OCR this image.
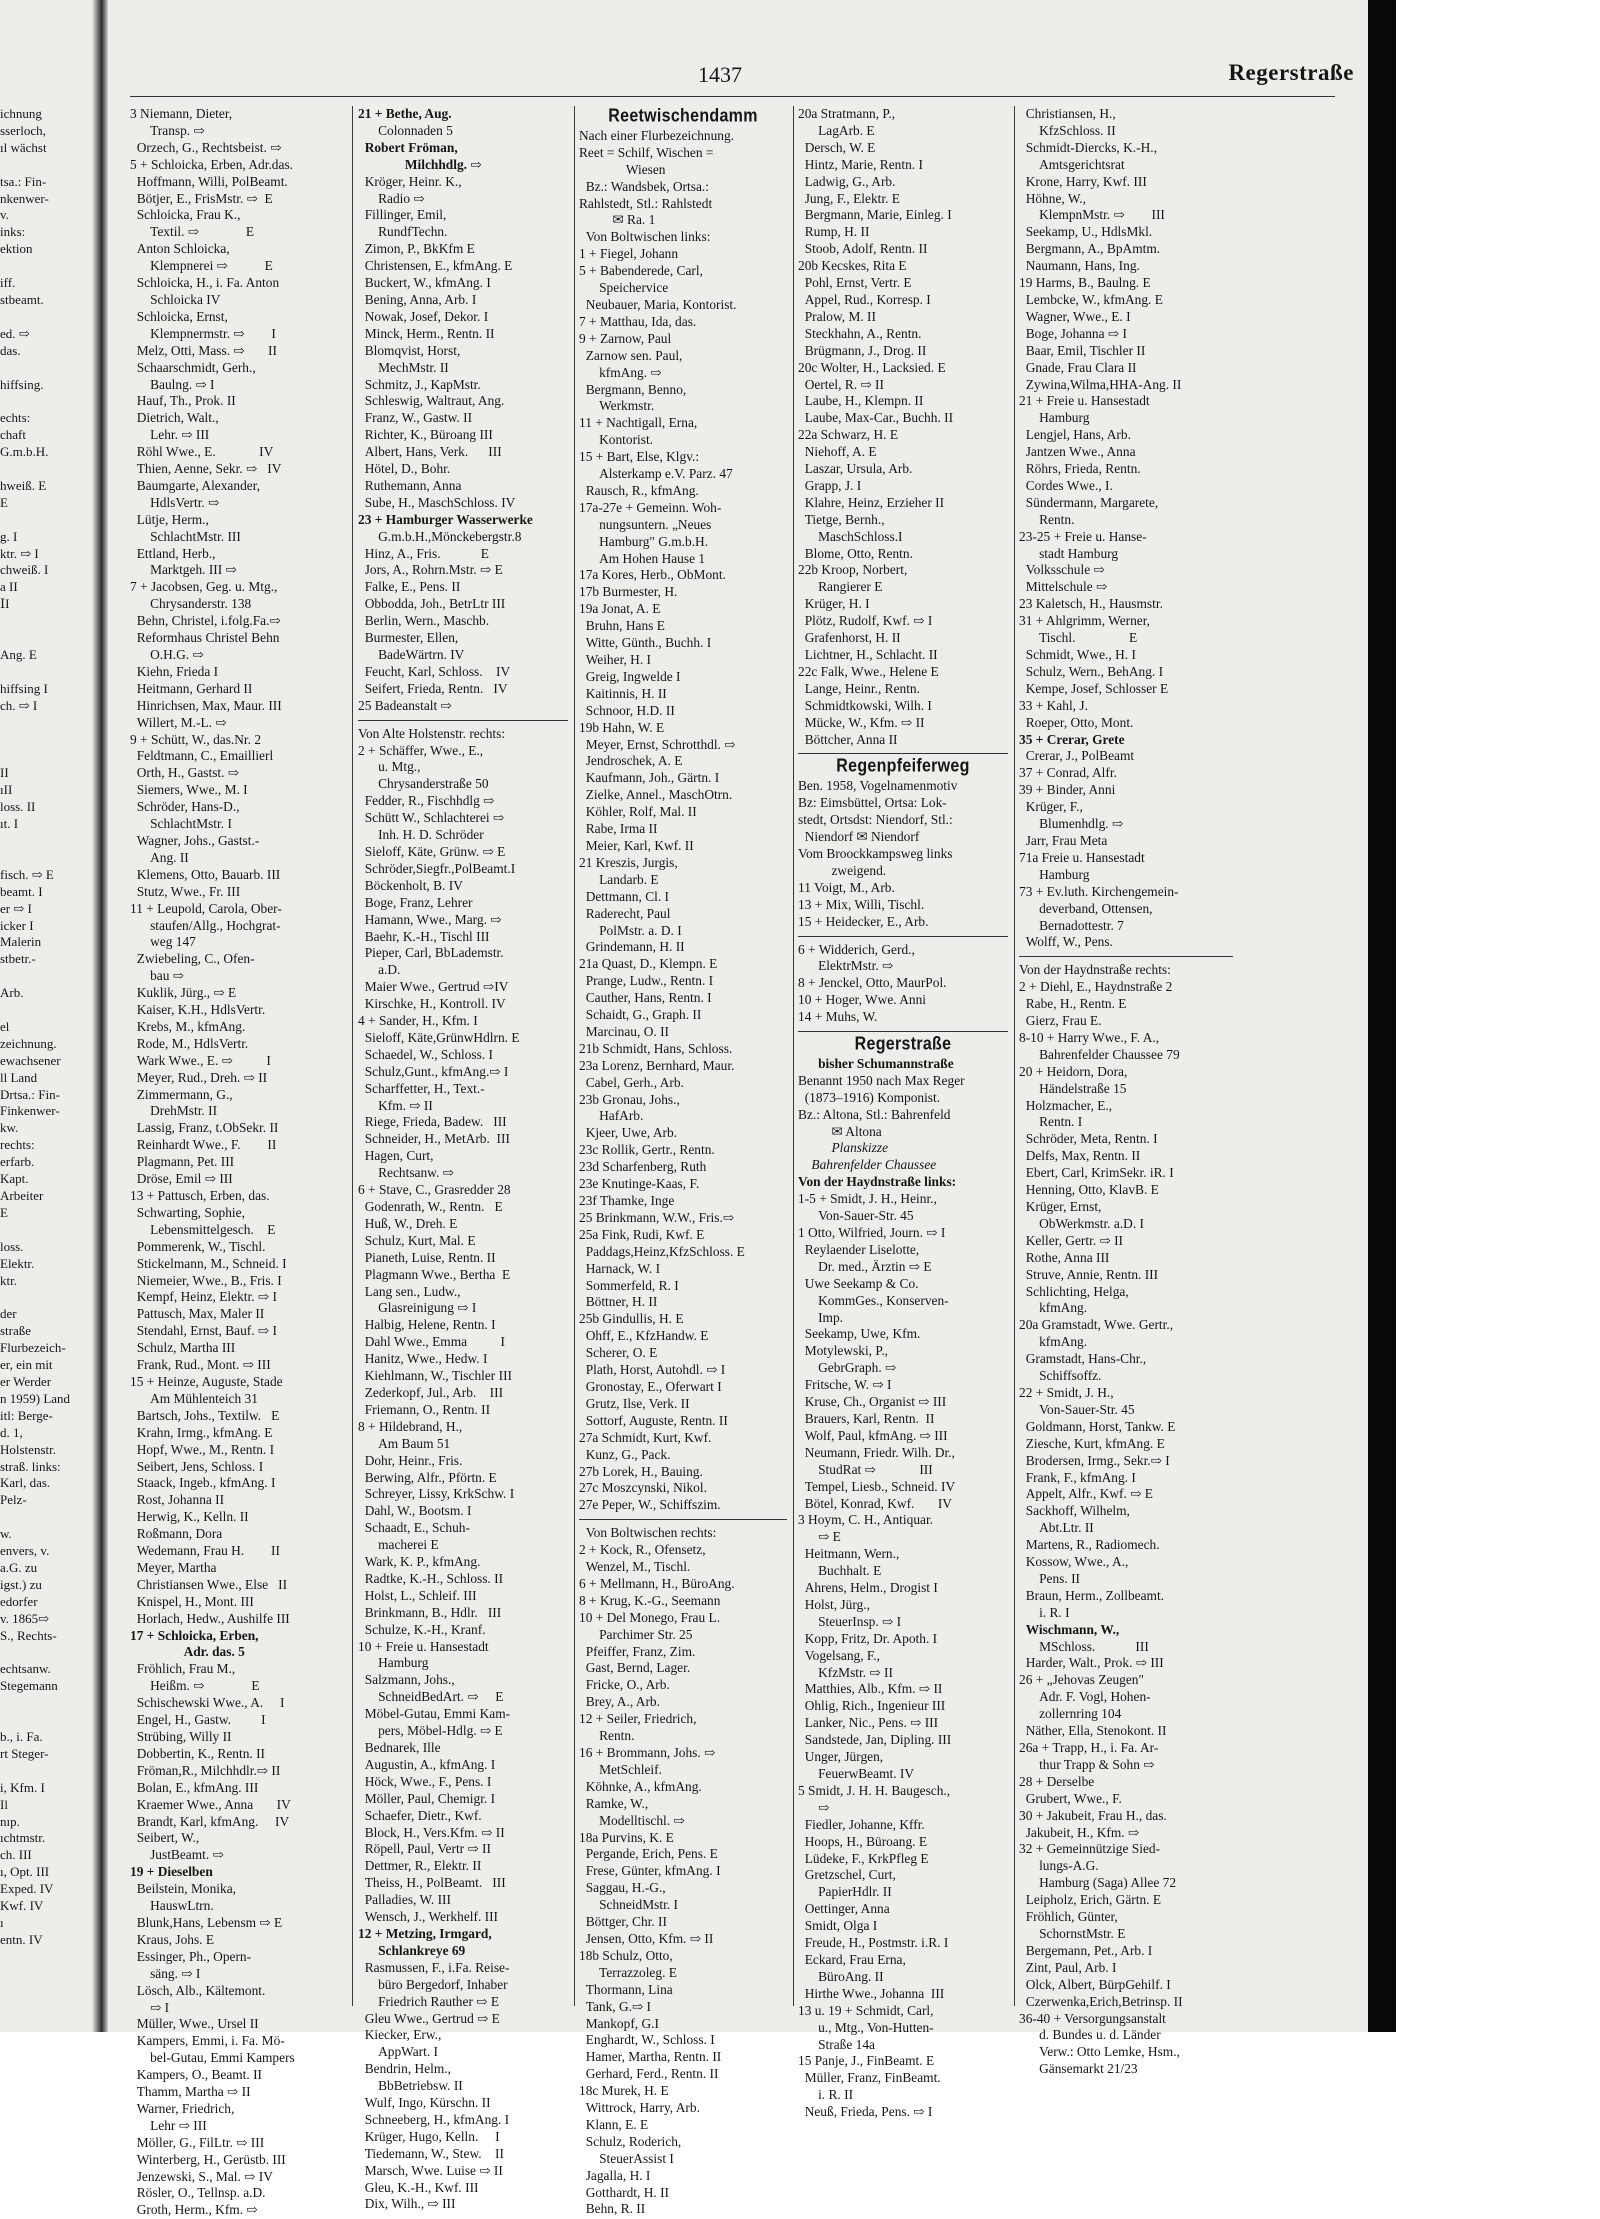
ichnung
sserloch,
ıl wächst

tsa.: Fin-
nkenwer-
v.
inks:
ektion

iff.
stbeamt.

ed. ⇨
das.

hiffsing.

echts:
chaft
G.m.b.H.

hweiß. E
E

g. I
ktr. ⇨ I
chweiß. I
a II
ⅠI

Ang. E

hiffsing I
ch. ⇨ I

II
ıII
loss. II
ıt. I

fisch. ⇨ E
beamt. I
er ⇨ I
icker I
Malerin
stbetr.-

Arb.

el
zeichnung.
ewachsener
ll Land
Drtsa.: Fin-
Finkenwer-
kw.
rechts:
erfarb.
Kapt.
Arbeiter
E

loss.
Elektr.
ktr.

der
straße
Flurbezeich-
er, ein mit
er Werder
n 1959) Land
itl: Berge-
d. 1,
Holstenstr.
straß. links:
Karl, das.
Pelz-

w.
envers, v.
a.G. zu
igst.) zu
edorfer
v. 1865⇨
S., Rechts-

echtsanw.
Stegemann

b., i. Fa.
rt Steger-

i, Kfm. I
Il
nıp.
ıchtmstr.
ch. III
ı, Opt. III
Exped. IV
Kwf. IV
ı
entn. IV
1437	Regerstraße
3 Niemann, Dieter,
Transp. ⇨
Orzech, G., Rechtsbeist. ⇨
5 + Schloicka, Erben, Adr.das.
Hoffmann, Willi, PolBeamt.
Bötjer, E., FrisMstr. ⇨  E
Schloicka, Frau K.,
Textil. ⇨              E
Anton Schloicka,
Klempnerei ⇨           E
Schloicka, H., i. Fa. Anton
Schloicka IV
Schloicka, Ernst,
Klempnermstr. ⇨        I
Melz, Otti, Mass. ⇨       II
Schaarschmidt, Gerh.,
Baulng. ⇨ I
Hauf, Th., Prok. II
Dietrich, Walt.,
Lehr. ⇨ III
Röhl Wwe., E.             IV
Thien, Aenne, Sekr. ⇨   IV
Baumgarte, Alexander,
HdlsVertr. ⇨
Lütje, Herm.,
SchlachtMstr. III
Ettland, Herb.,
Marktgeh. III ⇨
7 + Jacobsen, Geg. u. Mtg.,
Chrysanderstr. 138
Behn, Christel, i.folg.Fa.⇨
Reformhaus Christel Behn
O.H.G. ⇨
Kiehn, Frieda I
Heitmann, Gerhard II
Hinrichsen, Max, Maur. III
Willert, M.-L. ⇨
9 + Schütt, W., das.Nr. 2
Feldtmann, C., Emaillierl
Orth, H., Gastst. ⇨
Siemers, Wwe., M. I
Schröder, Hans-D.,
SchlachtMstr. I
Wagner, Johs., Gastst.-
Ang. II
Klemens, Otto, Bauarb. III
Stutz, Wwe., Fr. III
11 + Leupold, Carola, Ober-
staufen/Allg., Hochgrat-
weg 147
Zwiebeling, C., Ofen-
bau ⇨
Kuklik, Jürg., ⇨ E
Kaiser, K.H., HdlsVertr.
Krebs, M., kfmAng.
Rode, M., HdlsVertr.
Wark Wwe., E. ⇨          I
Meyer, Rud., Dreh. ⇨ II
Zimmermann, G.,
DrehMstr. II
Lassig, Franz, t.ObSekr. II
Reinhardt Wwe., F.        II
Plagmann, Pet. III
Dröse, Emil ⇨ III
13 + Pattusch, Erben, das.
Schwarting, Sophie,
Lebensmittelgesch.    E
Pommerenk, W., Tischl.
Stickelmann, M., Schneid. I
Niemeier, Wwe., B., Fris. I
Kempf, Heinz, Elektr. ⇨ I
Pattusch, Max, Maler II
Stendahl, Ernst, Bauf. ⇨ I
Schulz, Martha III
Frank, Rud., Mont. ⇨ III
15 + Heinze, Auguste, Stade
Am Mühlenteich 31
Bartsch, Johs., Textilw.   E
Krahn, Irmg., kfmAng. E
Hopf, Wwe., M., Rentn. I
Seibert, Jens, Schloss. I
Staack, Ingeb., kfmAng. I
Rost, Johanna II
Herwig, K., Kelln. II
Roßmann, Dora
Wedemann, Frau H.        II
Meyer, Martha
Christiansen Wwe., Else   II
Knispel, H., Mont. III
Horlach, Hedw., Aushilfe III
17 + Schloicka, Erben,
Adr. das. 5
Fröhlich, Frau M.,
Heißm. ⇨              E
Schischewski Wwe., A.     I
Engel, H., Gastw.         I
Strübing, Willy II
Dobbertin, K., Rentn. II
Fröman,R., Milchhdlr.⇨ II
Bolan, E., kfmAng. III
Kraemer Wwe., Anna       IV
Brandt, Karl, kfmAng.     IV
Seibert, W.,
JustBeamt. ⇨
19 + Dieselben
Beilstein, Monika,
HauswLtrn.
Blunk,Hans, Lebensm ⇨ E
Kraus, Johs. E
Essinger, Ph., Opern-
säng. ⇨ I
Lösch, Alb., Kältemont.
⇨ I
Müller, Wwe., Ursel II
Kampers, Emmi, i. Fa. Mö-
bel-Gutau, Emmi Kampers
Kampers, O., Beamt. II
Thamm, Martha ⇨ II
Warner, Friedrich,
Lehr ⇨ III
Möller, G., FilLtr. ⇨ III
Winterberg, H., Gerüstb. III
Jenzewski, S., Mal. ⇨ IV
Rösler, O., Tellnsp. a.D.
Groth, Herm., Kfm. ⇨
21 + Bethe, Aug.
Colonnaden 5
Robert Fröman,
Milchhdlg. ⇨
Kröger, Heinr. K.,
Radio ⇨
Fillinger, Emil,
RundfTechn.
Zimon, P., BkKfm E
Christensen, E., kfmAng. E
Buckert, W., kfmAng. I
Bening, Anna, Arb. I
Nowak, Josef, Dekor. I
Minck, Herm., Rentn. II
Blomqvist, Horst,
MechMstr. II
Schmitz, J., KapMstr.
Schleswig, Waltraut, Ang.
Franz, W., Gastw. II
Richter, K., Büroang III
Albert, Hans, Verk.      III
Hötel, D., Bohr.
Ruthemann, Anna
Sube, H., MaschSchloss. IV
23 + Hamburger Wasserwerke
G.m.b.H.,Mönckebergstr.8
Hinz, A., Fris.            E
Jors, A., Rohrn.Mstr. ⇨ E
Falke, E., Pens. II
Obbodda, Joh., BetrLtr III
Berlin, Wern., Maschb.
Burmester, Ellen,
BadeWärtrn. IV
Feucht, Karl, Schloss.    IV
Seifert, Frieda, Rentn.   IV
25 Badeanstalt ⇨
Von Alte Holstenstr. rechts:
2 + Schäffer, Wwe., E.,
u. Mtg.,
Chrysanderstraße 50
Fedder, R., Fischhdlg ⇨
Schütt W., Schlachterei ⇨
Inh. H. D. Schröder
Sieloff, Käte, Grünw. ⇨ E
Schröder,Siegfr.,PolBeamt.I
Böckenholt, B. IV
Boge, Franz, Lehrer
Hamann, Wwe., Marg. ⇨
Baehr, K.-H., Tischl III
Pieper, Carl, BbLademstr.
a.D.
Maier Wwe., Gertrud ⇨IV
Kirschke, H., Kontroll. IV
4 + Sander, H., Kfm. I
Sieloff, Käte,GrünwHdlrn. E
Schaedel, W., Schloss. I
Schulz,Gunt., kfmAng.⇨ I
Scharffetter, H., Text.-
Kfm. ⇨ II
Riege, Frieda, Badew.   III
Schneider, H., MetArb.  III
Hagen, Curt,
Rechtsanw. ⇨
6 + Stave, C., Grasredder 28
Godenrath, W., Rentn.   E
Huß, W., Dreh. E
Schulz, Kurt, Mal. E
Pianeth, Luise, Rentn. II
Plagmann Wwe., Bertha  E
Lang sen., Ludw.,
Glasreinigung ⇨ I
Halbig, Helene, Rentn. I
Dahl Wwe., Emma          I
Hanitz, Wwe., Hedw. I
Kiehlmann, W., Tischler III
Zederkopf, Jul., Arb.    III
Friemann, O., Rentn. II
8 + Hildebrand, H.,
Am Baum 51
Dohr, Heinr., Fris.
Berwing, Alfr., Pförtn. E
Schreyer, Lissy, KrkSchw. I
Dahl, W., Bootsm. I
Schaadt, E., Schuh-
macherei E
Wark, K. P., kfmAng.
Radtke, K.-H., Schloss. II
Holst, L., Schleif. III
Brinkmann, B., Hdlr.   III
Schulze, K.-H., Kranf.
10 + Freie u. Hansestadt
Hamburg
Salzmann, Johs.,
SchneidBedArt. ⇨     E
Möbel-Gutau, Emmi Kam-
pers, Möbel-Hdlg. ⇨ E
Bednarek, Ille
Augustin, A., kfmAng. I
Höck, Wwe., F., Pens. I
Möller, Paul, Chemigr. I
Schaefer, Dietr., Kwf.
Block, H., Vers.Kfm. ⇨ II
Röpell, Paul, Vertr ⇨ II
Dettmer, R., Elektr. II
Theiss, H., PolBeamt.   III
Palladies, W. III
Wensch, J., Werkhelf. III
12 + Metzing, Irmgard,
Schlankreye 69
Rasmussen, F., i.Fa. Reise-
büro Bergedorf, Inhaber
Friedrich Rauther ⇨ E
Gleu Wwe., Gertrud ⇨ E
Kiecker, Erw.,
AppWart. I
Bendrin, Helm.,
BbBetriebsw. II
Wulf, Ingo, Kürschn. II
Schneeberg, H., kfmAng. I
Krüger, Hugo, Kelln.     I
Tiedemann, W., Stew.    II
Marsch, Wwe. Luise ⇨ II
Gleu, K.-H., Kwf. III
Dix, Wilh., ⇨ III
Reetwischendamm
Nach einer Flurbezeichnung.
Reet = Schilf, Wischen =
Wiesen
Bz.: Wandsbek, Ortsa.:
Rahlstedt, Stl.: Rahlstedt
✉ Ra. 1
Von Boltwischen links:
1 + Fiegel, Johann
5 + Babenderede, Carl,
Speichervice
Neubauer, Maria, Kontorist.
7 + Matthau, Ida, das.
9 + Zarnow, Paul
Zarnow sen. Paul,
kfmAng. ⇨
Bergmann, Benno,
Werkmstr.
11 + Nachtigall, Erna,
Kontorist.
15 + Bart, Else, Klgv.:
Alsterkamp e.V. Parz. 47
Rausch, R., kfmAng.
17a-27e + Gemeinn. Woh-
nungsuntern. „Neues
Hamburg" G.m.b.H.
Am Hohen Hause 1
17a Kores, Herb., ObMont.
17b Burmester, H.
19a Jonat, A. E
Bruhn, Hans E
Witte, Günth., Buchh. I
Weiher, H. I
Greig, Ingwelde I
Kaitinnis, H. II
Schnoor, H.D. II
19b Hahn, W. E
Meyer, Ernst, Schrotthdl. ⇨
Jendroschek, A. E
Kaufmann, Joh., Gärtn. I
Zielke, Annel., MaschOtrn.
Köhler, Rolf, Mal. II
Rabe, Irma II
Meier, Karl, Kwf. II
21 Kreszis, Jurgis,
Landarb. E
Dettmann, Cl. I
Raderecht, Paul
PolMstr. a. D. I
Grindemann, H. II
21a Quast, D., Klempn. E
Prange, Ludw., Rentn. I
Cauther, Hans, Rentn. I
Schaidt, G., Graph. II
Marcinau, O. II
21b Schmidt, Hans, Schloss.
23a Lorenz, Bernhard, Maur.
Cabel, Gerh., Arb.
23b Gronau, Johs.,
HafArb.
Kjeer, Uwe, Arb.
23c Rollik, Gertr., Rentn.
23d Scharfenberg, Ruth
23e Knutinge-Kaas, F.
23f Thamke, Inge
25 Brinkmann, W.W., Fris.⇨
25a Fink, Rudi, Kwf. E
Paddags,Heinz,KfzSchloss. E
Harnack, W. I
Sommerfeld, R. I
Böttner, H. II
25b Gindullis, H. E
Ohff, E., KfzHandw. E
Scherer, O. E
Plath, Horst, Autohdl. ⇨ I
Gronostay, E., Oferwart I
Grutz, Ilse, Verk. II
Sottorf, Auguste, Rentn. II
27a Schmidt, Kurt, Kwf.
Kunz, G., Pack.
27b Lorek, H., Bauing.
27c Moszcynski, Nikol.
27e Peper, W., Schiffszim.
Von Boltwischen rechts:
2 + Kock, R., Ofensetz,
Wenzel, M., Tischl.
6 + Mellmann, H., BüroAng.
8 + Krug, K.-G., Seemann
10 + Del Monego, Frau L.
Parchimer Str. 25
Pfeiffer, Franz, Zim.
Gast, Bernd, Lager.
Fricke, O., Arb.
Brey, A., Arb.
12 + Seiler, Friedrich,
Rentn.
16 + Brommann, Johs. ⇨
MetSchleif.
Köhnke, A., kfmAng.
Ramke, W.,
Modelltischl. ⇨
18a Purvins, K. E
Pergande, Erich, Pens. E
Frese, Günter, kfmAng. I
Saggau, H.-G.,
SchneidMstr. I
Böttger, Chr. II
Jensen, Otto, Kfm. ⇨ II
18b Schulz, Otto,
Terrazzoleg. E
Thormann, Lina
Tank, G.⇨ I
Mankopf, G.I
Enghardt, W., Schloss. I
Hamer, Martha, Rentn. II
Gerhard, Ferd., Rentn. II
18c Murek, H. E
Wittrock, Harry, Arb.
Klann, E. E
Schulz, Roderich,
SteuerAssist I
Jagalla, H. I
Gotthardt, H. II
Behn, R. II
20a Stratmann, P.,
LagArb. E
Dersch, W. E
Hintz, Marie, Rentn. I
Ladwig, G., Arb.
Jung, F., Elektr. E
Bergmann, Marie, Einleg. I
Rump, H. II
Stoob, Adolf, Rentn. II
20b Kecskes, Rita E
Pohl, Ernst, Vertr. E
Appel, Rud., Korresp. I
Pralow, M. II
Steckhahn, A., Rentn.
Brügmann, J., Drog. II
20c Wolter, H., Lacksied. E
Oertel, R. ⇨ II
Laube, H., Klempn. II
Laube, Max-Car., Buchh. II
22a Schwarz, H. E
Niehoff, A. E
Laszar, Ursula, Arb.
Grapp, J. I
Klahre, Heinz, Erzieher II
Tietge, Bernh.,
MaschSchloss.I
Blome, Otto, Rentn.
22b Kroop, Norbert,
Rangierer E
Krüger, H. I
Plötz, Rudolf, Kwf. ⇨ I
Grafenhorst, H. II
Lichtner, H., Schlacht. II
22c Falk, Wwe., Helene E
Lange, Heinr., Rentn.
Schmidtkowski, Wilh. I
Mücke, W., Kfm. ⇨ II
Böttcher, Anna II
Regenpfeiferweg
Ben. 1958, Vogelnamenmotiv
Bz: Eimsbüttel, Ortsa: Lok-
stedt, Ortsdst: Niendorf, Stl.:
Niendorf ✉ Niendorf
Vom Broockkampsweg links
zweigend.
11 Voigt, M., Arb.
13 + Mix, Willi, Tischl.
15 + Heidecker, E., Arb.
6 + Widderich, Gerd.,
ElektrMstr. ⇨
8 + Jenckel, Otto, MaurPol.
10 + Hoger, Wwe. Anni
14 + Muhs, W.
Regerstraße
bisher Schumannstraße
Benannt 1950 nach Max Reger
(1873–1916) Komponist.
Bz.: Altona, Stl.: Bahrenfeld
✉ Altona
Planskizze
Bahrenfelder Chaussee
Von der Haydnstraße links:
1-5 + Smidt, J. H., Heinr.,
Von-Sauer-Str. 45
1 Otto, Wilfried, Journ. ⇨ I
Reylaender Liselotte,
Dr. med., Ärztin ⇨ E
Uwe Seekamp & Co.
KommGes., Konserven-
Imp.
Seekamp, Uwe, Kfm.
Motylewski, P.,
GebrGraph. ⇨
Fritsche, W. ⇨ I
Kruse, Ch., Organist ⇨ III
Brauers, Karl, Rentn.  II
Wolf, Paul, kfmAng. ⇨ III
Neumann, Friedr. Wilh. Dr.,
StudRat ⇨             III
Tempel, Liesb., Schneid. IV
Bötel, Konrad, Kwf.       IV
3 Hoym, C. H., Antiquar.
⇨ E
Heitmann, Wern.,
Buchhalt. E
Ahrens, Helm., Drogist I
Holst, Jürg.,
SteuerInsp. ⇨ I
Kopp, Fritz, Dr. Apoth. I
Vogelsang, F.,
KfzMstr. ⇨ II
Matthies, Alb., Kfm. ⇨ II
Ohlig, Rich., Ingenieur III
Lanker, Nic., Pens. ⇨ III
Sandstede, Jan, Dipling. III
Unger, Jürgen,
FeuerwBeamt. IV
5 Smidt, J. H. H. Baugesch.,
⇨
Fiedler, Johanne, Kffr.
Hoops, H., Büroang. E
Lüdeke, F., KrkPfleg E
Gretzschel, Curt,
PapierHdlr. II
Oettinger, Anna
Smidt, Olga I
Freude, H., Postmstr. i.R. I
Eckard, Frau Erna,
BüroAng. II
Hirthe Wwe., Johanna  III
13 u. 19 + Schmidt, Carl,
u., Mtg., Von-Hutten-
Straße 14a
15 Panje, J., FinBeamt. E
Müller, Franz, FinBeamt.
i. R. II
Neuß, Frieda, Pens. ⇨ I
Christiansen, H.,
KfzSchloss. II
Schmidt-Diercks, K.-H.,
Amtsgerichtsrat
Krone, Harry, Kwf. III
Höhne, W.,
KlempnMstr. ⇨        III
Seekamp, U., HdlsMkl.
Bergmann, A., BpAmtm.
Naumann, Hans, Ing.
19 Harms, B., Baulng. E
Lembcke, W., kfmAng. E
Wagner, Wwe., E. I
Boge, Johanna ⇨ I
Baar, Emil, Tischler II
Gnade, Frau Clara II
Zywina,Wilma,HHA-Ang. II
21 + Freie u. Hansestadt
Hamburg
Lengjel, Hans, Arb.
Jantzen Wwe., Anna
Röhrs, Frieda, Rentn.
Cordes Wwe., I.
Sündermann, Margarete,
Rentn.
23-25 + Freie u. Hanse-
stadt Hamburg
Volksschule ⇨
Mittelschule ⇨
23 Kaletsch, H., Hausmstr.
31 + Ahlgrimm, Werner,
Tischl.                E
Schmidt, Wwe., H. I
Schulz, Wern., BehAng. I
Kempe, Josef, Schlosser E
33 + Kahl, J.
Roeper, Otto, Mont.
35 + Crerar, Grete
Crerar, J., PolBeamt
37 + Conrad, Alfr.
39 + Binder, Anni
Krüger, F.,
Blumenhdlg. ⇨
Jarr, Frau Meta
71a Freie u. Hansestadt
Hamburg
73 + Ev.luth. Kirchengemein-
deverband, Ottensen,
Bernadottestr. 7
Wolff, W., Pens.
Von der Haydnstraße rechts:
2 + Diehl, E., Haydnstraße 2
Rabe, H., Rentn. E
Gierz, Frau E.
8-10 + Harry Wwe., F. A.,
Bahrenfelder Chaussee 79
20 + Heidorn, Dora,
Händelstraße 15
Holzmacher, E.,
Rentn. I
Schröder, Meta, Rentn. I
Delfs, Max, Rentn. II
Ebert, Carl, KrimSekr. iR. I
Henning, Otto, KlavB. E
Krüger, Ernst,
ObWerkmstr. a.D. I
Keller, Gertr. ⇨ II
Rothe, Anna III
Struve, Annie, Rentn. III
Schlichting, Helga,
kfmAng.
20a Gramstadt, Wwe. Gertr.,
kfmAng.
Gramstadt, Hans-Chr.,
Schiffsoffz.
22 + Smidt, J. H.,
Von-Sauer-Str. 45
Goldmann, Horst, Tankw. E
Ziesche, Kurt, kfmAng. E
Brodersen, Irmg., Sekr.⇨ I
Frank, F., kfmAng. I
Appelt, Alfr., Kwf. ⇨ E
Sackhoff, Wilhelm,
Abt.Ltr. II
Martens, R., Radiomech.
Kossow, Wwe., A.,
Pens. II
Braun, Herm., Zollbeamt.
i. R. I
Wischmann, W.,
MSchloss.            III
Harder, Walt., Prok. ⇨ III
26 + „Jehovas Zeugen"
Adr. F. Vogl, Hohen-
zollernring 104
Näther, Ella, Stenokont. II
26a + Trapp, H., i. Fa. Ar-
thur Trapp & Sohn ⇨
28 + Derselbe
Grubert, Wwe., F.
30 + Jakubeit, Frau H., das.
Jakubeit, H., Kfm. ⇨
32 + Gemeinnützige Sied-
lungs-A.G.
Hamburg (Saga) Allee 72
Leipholz, Erich, Gärtn. E
Fröhlich, Günter,
SchornstMstr. E
Bergemann, Pet., Arb. I
Zint, Paul, Arb. I
Olck, Albert, BürpGehilf. I
Czerwenka,Erich,Betrinsp. II
36-40 + Versorgungsanstalt
d. Bundes u. d. Länder
Verw.: Otto Lemke, Hsm.,
Gänsemarkt 21/23
